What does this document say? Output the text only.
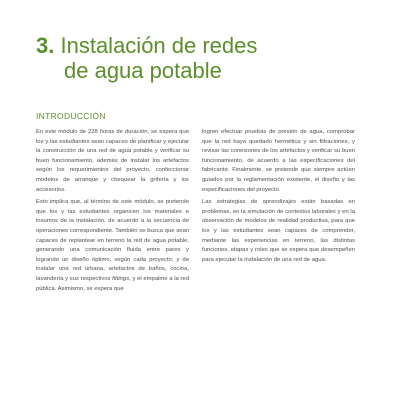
3. Instalación de redes
de agua potable
INTRODUCCIÓN

En este módulo de 228 horas de duración, se espera que los y las estudiantes sean capaces de planificar y ejecutar la construcción de una red de agua potable y verificar su buen funcionamiento, además de instalar los artefactos según los requerimientos del proyecto, confeccionar modelos de arranque y chequear la grifería y los accesorios.

Esto implica que, al término de este módulo, se pretende que los y las estudiantes organicen los materiales e insumos de la instalación, de acuerdo a la secuencia de operaciones correspondiente. También se busca que sean capaces de replantear en terreno la red de agua potable, generando una comunicación fluida entre pares y logrando un diseño óptimo, según cada proyecto; y de instalar una red urbana, artefactos de baños, cocina, lavandería y sus respectivos fittings, y el empalme a la red pública. Asimismo, se espera que

logren efectuar pruebas de presión de agua, comprobar que la red haya quedado hermética y sin filtraciones, y revisar las conexiones de los artefactos y verificar su buen funcionamiento, de acuerdo a las especificaciones del fabricante. Finalmente, se pretende que siempre actúen guiados por la reglamentación existente, el diseño y las especificaciones del proyecto.

Las estrategias de aprendizajes están basadas en problemas, en la simulación de contextos laborales y en la observación de modelos de realidad productiva, para que los y las estudiantes sean capaces de comprender, mediante las experiencias en terreno, las distintas funciones, etapas y roles que se espera que desempeñen para ejecutar la instalación de una red de agua.
